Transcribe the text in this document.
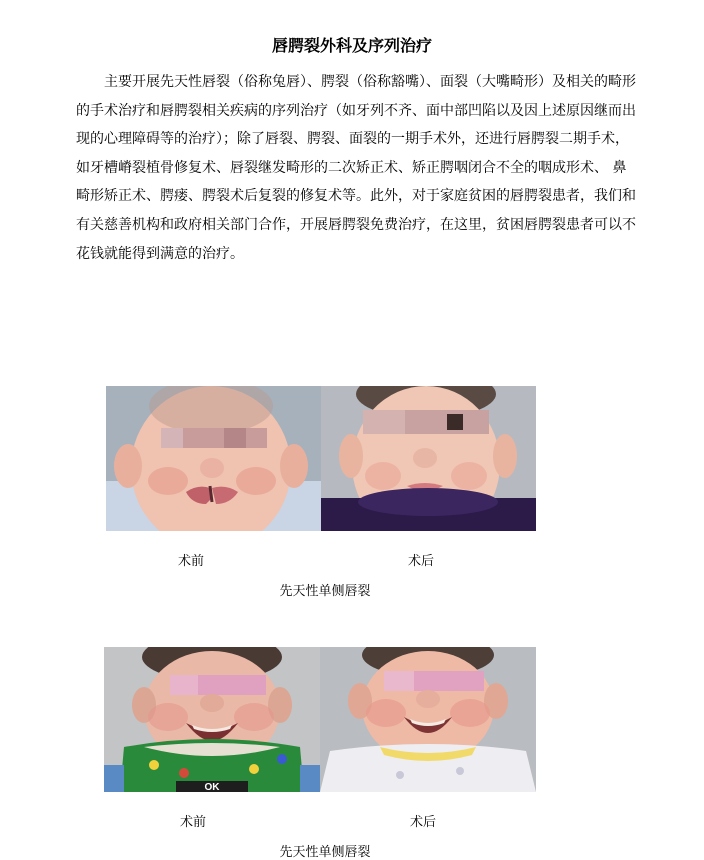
唇腭裂外科及序列治疗

主要开展先天性唇裂（俗称兔唇）、腭裂（俗称豁嘴）、面裂（大嘴畸形）及相关的畸形的手术治疗和唇腭裂相关疾病的序列治疗（如牙列不齐、面中部凹陷以及因上述原因继而出现的心理障碍等的治疗）；除了唇裂、腭裂、面裂的一期手术外，还进行唇腭裂二期手术，如牙槽嵴裂植骨修复术、唇裂继发畸形的二次矫正术、矫正腭咽闭合不全的咽成形术、 鼻畸形矫正术、腭瘘、腭裂术后复裂的修复术等。此外，对于家庭贫困的唇腭裂患者，我们和有关慈善机构和政府相关部门合作，开展唇腭裂免费治疗，在这里，贫困唇腭裂患者可以不花钱就能得到满意的治疗。

术前	术后
先天性单侧唇裂
OK
术前	术后
先天性单侧唇裂
